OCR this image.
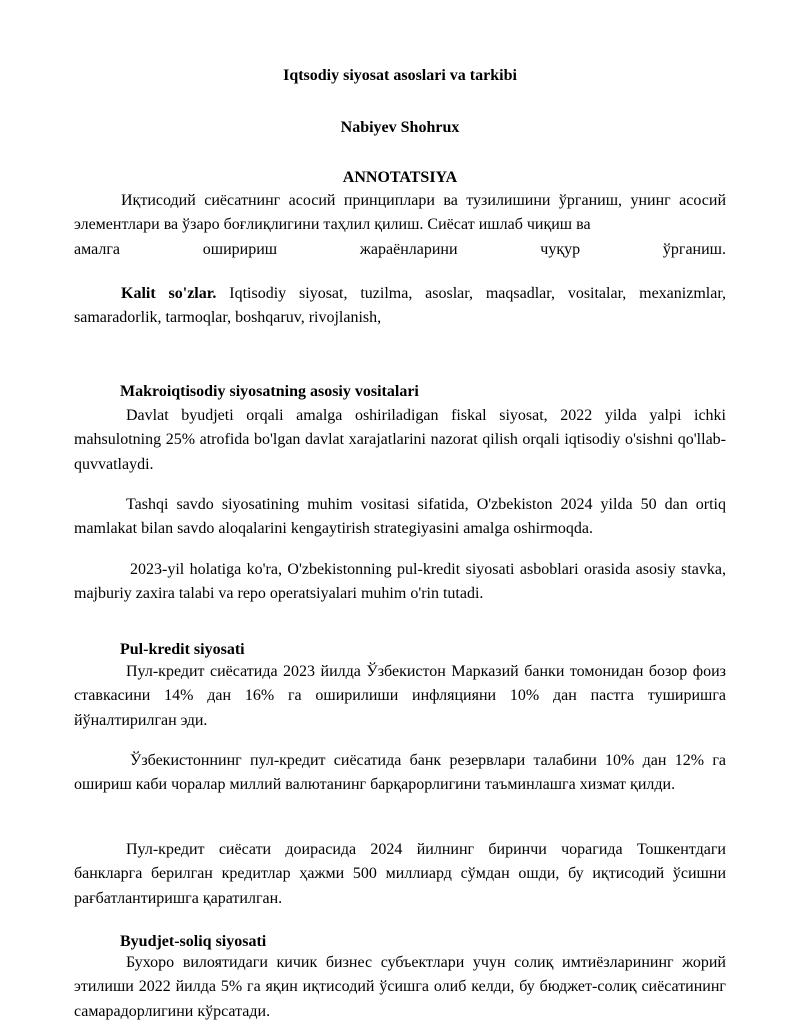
Iqtsodiy siyosat asoslari va tarkibi

Nabiyev Shohrux

ANNOTATSIYA

Иқтисодий сиёсатнинг асосий принциплари ва тузилишини ўрганиш, унинг асосий элементлари ва ўзаро боғлиқлигини таҳлил қилиш. Сиёсат ишлаб чиқиш ва

амалга оширириш жараёнларини чуқур ўрганиш.

Kalit so'zlar. Iqtisodiy siyosat, tuzilma, asoslar, maqsadlar, vositalar, mexanizmlar, samaradorlik, tarmoqlar, boshqaruv, rivojlanish,

Makroiqtisodiy siyosatning asosiy vositalari

Davlat byudjeti orqali amalga oshiriladigan fiskal siyosat, 2022 yilda yalpi ichki mahsulotning 25% atrofida bo'lgan davlat xarajatlarini nazorat qilish orqali iqtisodiy o'sishni qo'llab-quvvatlaydi.

Tashqi savdo siyosatining muhim vositasi sifatida, O'zbekiston 2024 yilda 50 dan ortiq mamlakat bilan savdo aloqalarini kengaytirish strategiyasini amalga oshirmoqda.

2023-yil holatiga ko'ra, O'zbekistonning pul-kredit siyosati asboblari orasida asosiy stavka, majburiy zaxira talabi va repo operatsiyalari muhim o'rin tutadi.

Pul-kredit siyosati

Пул-кредит сиёсатида 2023 йилда Ўзбекистон Марказий банки томонидан бозор фоиз ставкасини 14% дан 16% га оширилиши инфляцияни 10% дан пастга туширишга йўналтирилган эди.

Ўзбекистоннинг пул-кредит сиёсатида банк резервлари талабини 10% дан 12% га ошириш каби чоралар миллий валютанинг барқарорлигини таъминлашга хизмат қилди.

Пул-кредит сиёсати доирасида 2024 йилнинг биринчи чорагида Тошкентдаги банкларга берилган кредитлар ҳажми 500 миллиард сўмдан ошди, бу иқтисодий ўсишни рағбатлантиришга қаратилган.

Byudjet-soliq siyosati

Бухоро вилоятидаги кичик бизнес субъектлари учун солиқ имтиёзларининг жорий этилиши 2022 йилда 5% га яқин иқтисодий ўсишга олиб келди, бу бюджет-солиқ сиёсатининг самарадорлигини кўрсатади.
